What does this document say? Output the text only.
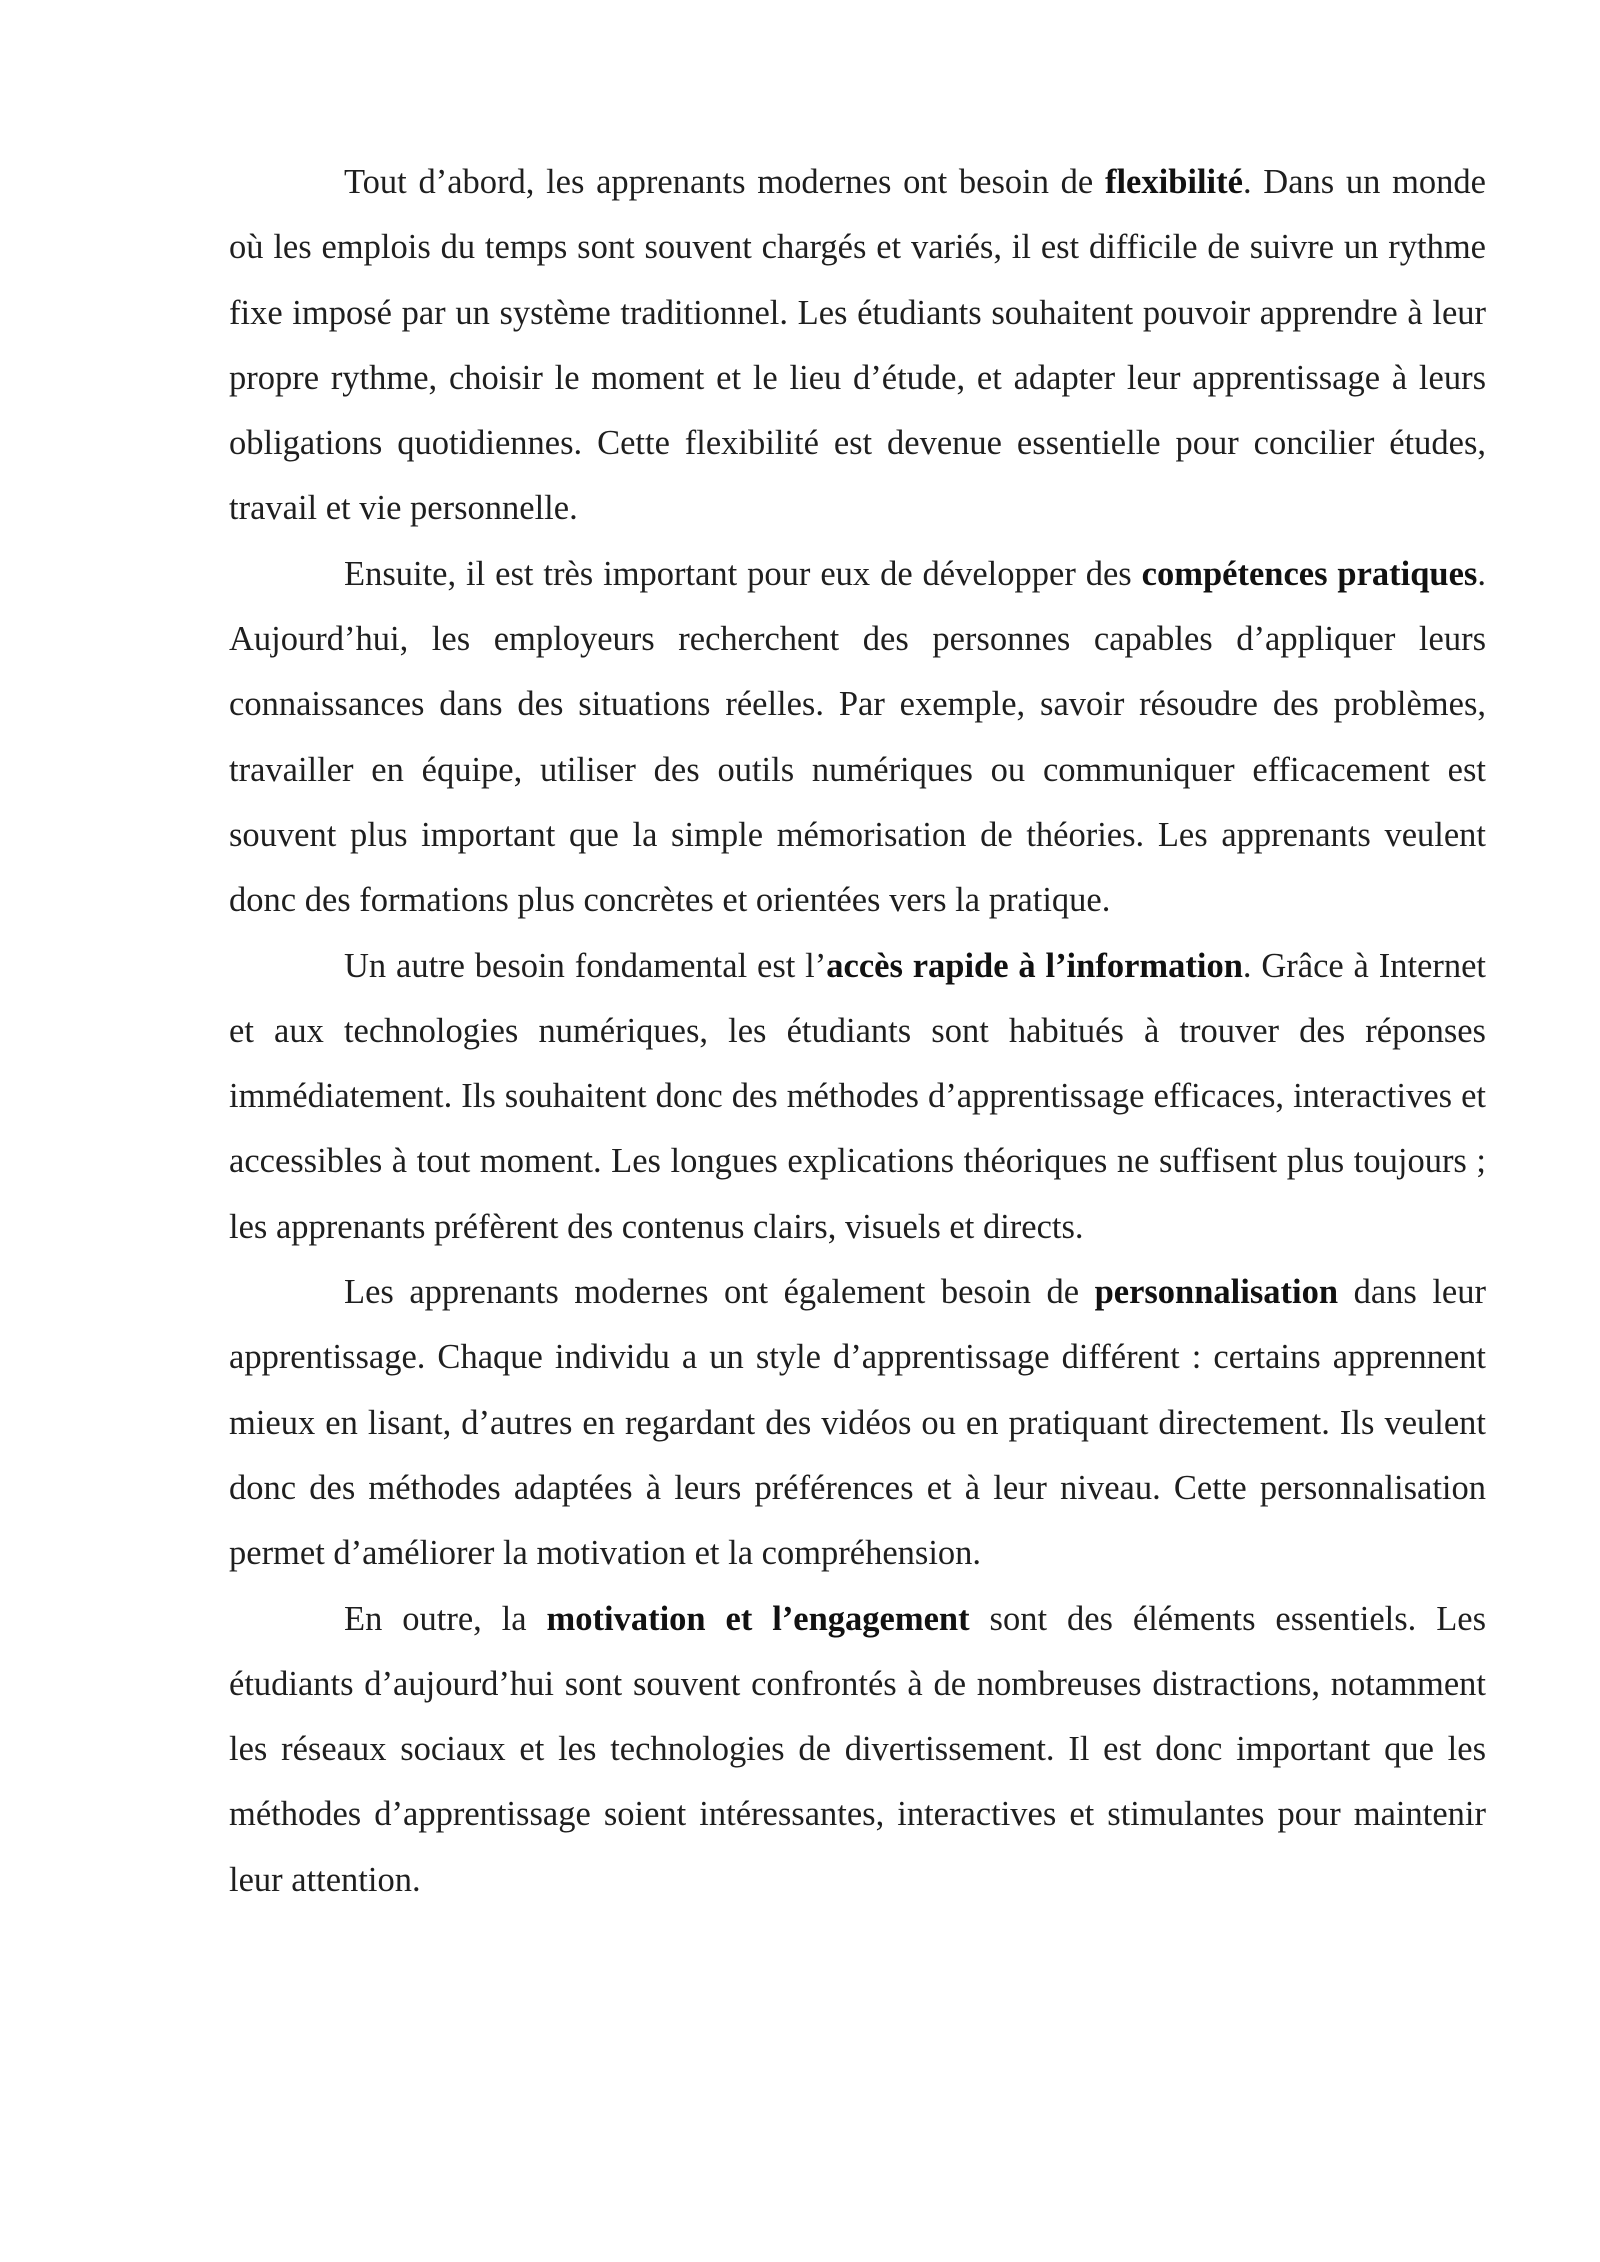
Tout d’abord, les apprenants modernes ont besoin de flexibilité. Dans un monde où les emplois du temps sont souvent chargés et variés, il est difficile de suivre un rythme fixe imposé par un système traditionnel. Les étudiants souhaitent pouvoir apprendre à leur propre rythme, choisir le moment et le lieu d’étude, et adapter leur apprentissage à leurs obligations quotidiennes. Cette flexibilité est devenue essentielle pour concilier études, travail et vie personnelle.

Ensuite, il est très important pour eux de développer des compétences pratiques. Aujourd’hui, les employeurs recherchent des personnes capables d’appliquer leurs connaissances dans des situations réelles. Par exemple, savoir résoudre des problèmes, travailler en équipe, utiliser des outils numériques ou communiquer efficacement est souvent plus important que la simple mémorisation de théories. Les apprenants veulent donc des formations plus concrètes et orientées vers la pratique.

Un autre besoin fondamental est l’accès rapide à l’information. Grâce à Internet et aux technologies numériques, les étudiants sont habitués à trouver des réponses immédiatement. Ils souhaitent donc des méthodes d’apprentissage efficaces, interactives et accessibles à tout moment. Les longues explications théoriques ne suffisent plus toujours ; les apprenants préfèrent des contenus clairs, visuels et directs.

Les apprenants modernes ont également besoin de personnalisation dans leur apprentissage. Chaque individu a un style d’apprentissage différent : certains apprennent mieux en lisant, d’autres en regardant des vidéos ou en pratiquant directement. Ils veulent donc des méthodes adaptées à leurs préférences et à leur niveau. Cette personnalisation permet d’améliorer la motivation et la compréhension.

En outre, la motivation et l’engagement sont des éléments essentiels. Les étudiants d’aujourd’hui sont souvent confrontés à de nombreuses distractions, notamment les réseaux sociaux et les technologies de divertissement. Il est donc important que les méthodes d’apprentissage soient intéressantes, interactives et stimulantes pour maintenir leur attention.
